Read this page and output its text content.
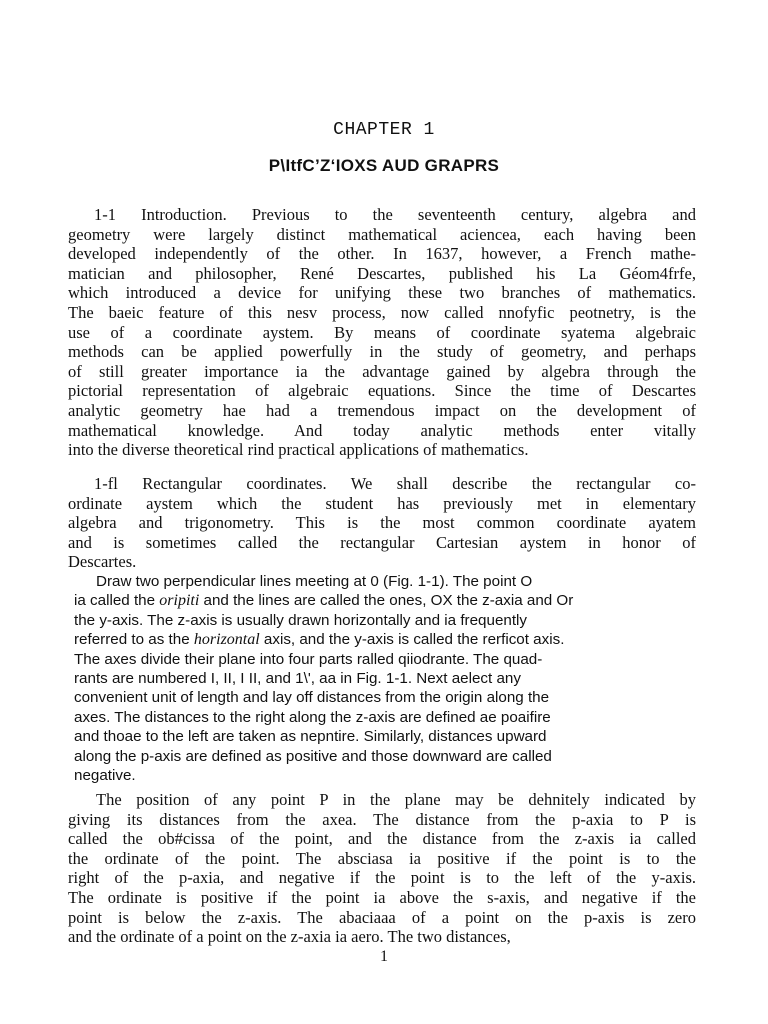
CHAPTER 1
P\ItfC’Z‘IOXS AUD GRAPRS
1-1 Introduction. Previous to the seventeenth century, algebra and
geometry were largely distinct mathematical aciencea, each having been
developed independently of the other. In 1637, however, a French mathe-
matician and philosopher, René Descartes, published his La Géom4frfe,
which introduced a device for unifying these two branches of mathematics.
The baeic feature of this nesv process, now called nnofyfic peotnetry, is the
use of a coordinate aystem. By means of coordinate syatema algebraic
methods can be applied powerfully in the study of geometry, and perhaps
of still greater importance ia the advantage gained by algebra through the
pictorial representation of algebraic equations. Since the time of Descartes
analytic geometry hae had a tremendous impact on the development of
mathematical knowledge. And today analytic methods enter vitally
into the diverse theoretical rind practical applications of mathematics.
1-fl Rectangular coordinates. We shall describe the rectangular co-
ordinate aystem which the student has previously met in elementary
algebra and trigonometry. This is the most common coordinate ayatem
and is sometimes called the rectangular Cartesian aystem in honor of
Descartes.
Draw two perpendicular lines meeting at 0 (Fig. 1-1). The point O
ia called the oripiti and the lines are called the ones, OX the z-axia and Or
the y-axis. The z-axis is usually drawn horizontally and ia frequently
referred to as the horizontal axis, and the y-axis is called the rerficot axis.
The axes divide their plane into four parts ralled qiiodrante. The quad-
rants are numbered I, II, I II, and 1\', aa in Fig. 1-1. Next aelect any
convenient unit of length and lay off distances from the origin along the
axes. The distances to the right along the z-axis are defined ae poaifire
and thoae to the left are taken as nepntire. Similarly, distances upward
along the p-axis are defined as positive and those downward are called
negative.
The position of any point P in the plane may be dehnitely indicated by
giving its distances from the axea. The distance from the p-axia to P is
called the ob#cissa of the point, and the distance from the z-axis ia called
the ordinate of the point. The absciasa ia positive if the point is to the
right of the p-axia, and negative if the point is to the left of the y-axis.
The ordinate is positive if the point ia above the s-axis, and negative if the
point is below the z-axis. The abaciaaa of a point on the p-axis is zero
and the ordinate of a point on the z-axia ia aero. The two distances,
1
